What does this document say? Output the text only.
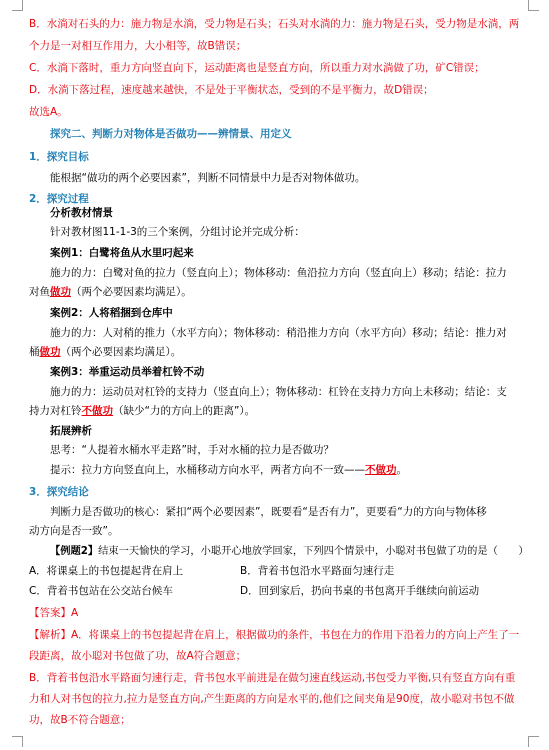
B．水淌对石头的力：施力物是水淌，受力物是石头；石头对水淌的力：施力物是石头，受力物是水淌，两
个力是一对相互作用力，大小相等，故B错误；
C．水淌下落时，重力方向竖直向下，运动距离也是竖直方向，所以重力对水淌做了功，矿C错误；
D．水淌下落过程，速度越来越快，不是处于平衡状态，受到的不是平衡力，故D错误；
故选A。
探究二、判断力对物体是否做功——辨情景、用定义
1．探究目标
能根据“做功的两个必要因素”，判断不同情景中力是否对物体做功。
2．探究过程
分析教材情景
针对教材图11-1-3的三个案例，分组讨论并完成分析：
案例1：白鹭将鱼从水里叼起来
施力的力：白鹭对鱼的拉力（竖直向上）；物体移动：鱼沿拉力方向（竖直向上）移动；结论：拉力
对鱼做功（两个必要因素均满足）。
案例2：人将稻捆到仓库中
施力的力：人对稍的推力（水平方向）；物体移动：稍沿推力方向（水平方向）移动；结论：推力对
桶做功（两个必要因素均满足）。
案例3：举重运动员举着杠铃不动
施力的力：运动员对杠铃的支持力（竖直向上）；物体移动：杠铃在支持力方向上未移动；结论：支
持力对杠铃不做功（缺少“力的方向上的距离”）。
拓展辨析
思考：“人提着水桶水平走路”时，手对水桶的拉力是否做功？
提示：拉力方向竖直向上，水桶移动方向水平，两者方向不一致——不做功。
3．探究结论
判断力是否做功的核心：紧扣“两个必要因素”，既要看“是否有力”，更要看“力的方向与物体移
动方向是否一致”。
【例题2】结束一天愉快的学习，小聪开心地放学回家，下列四个情景中，小聪对书包做了功的是（　　）
A．将课桌上的书包提起背在肩上	B．背着书包沿水平路面匀速行走
C．背着书包站在公交站台候车	D．回到家后，扔向书桌的书包离开手继续向前运动
【答案】A
【解析】A．将课桌上的书包提起背在肩上，根据做功的条件，书包在力的作用下沿着力的方向上产生了一
段距离，故小聪对书包做了功，故A符合题意；
B．背着书包沿水平路面匀速行走，背书包水平前进是在做匀速直线运动,书包受力平衡,只有竖直方向有重
力和人对书包的拉力,拉力是竖直方向,产生距离的方向是水平的,他们之间夹角是90度，故小聪对书包不做
功，故B不符合题意；
